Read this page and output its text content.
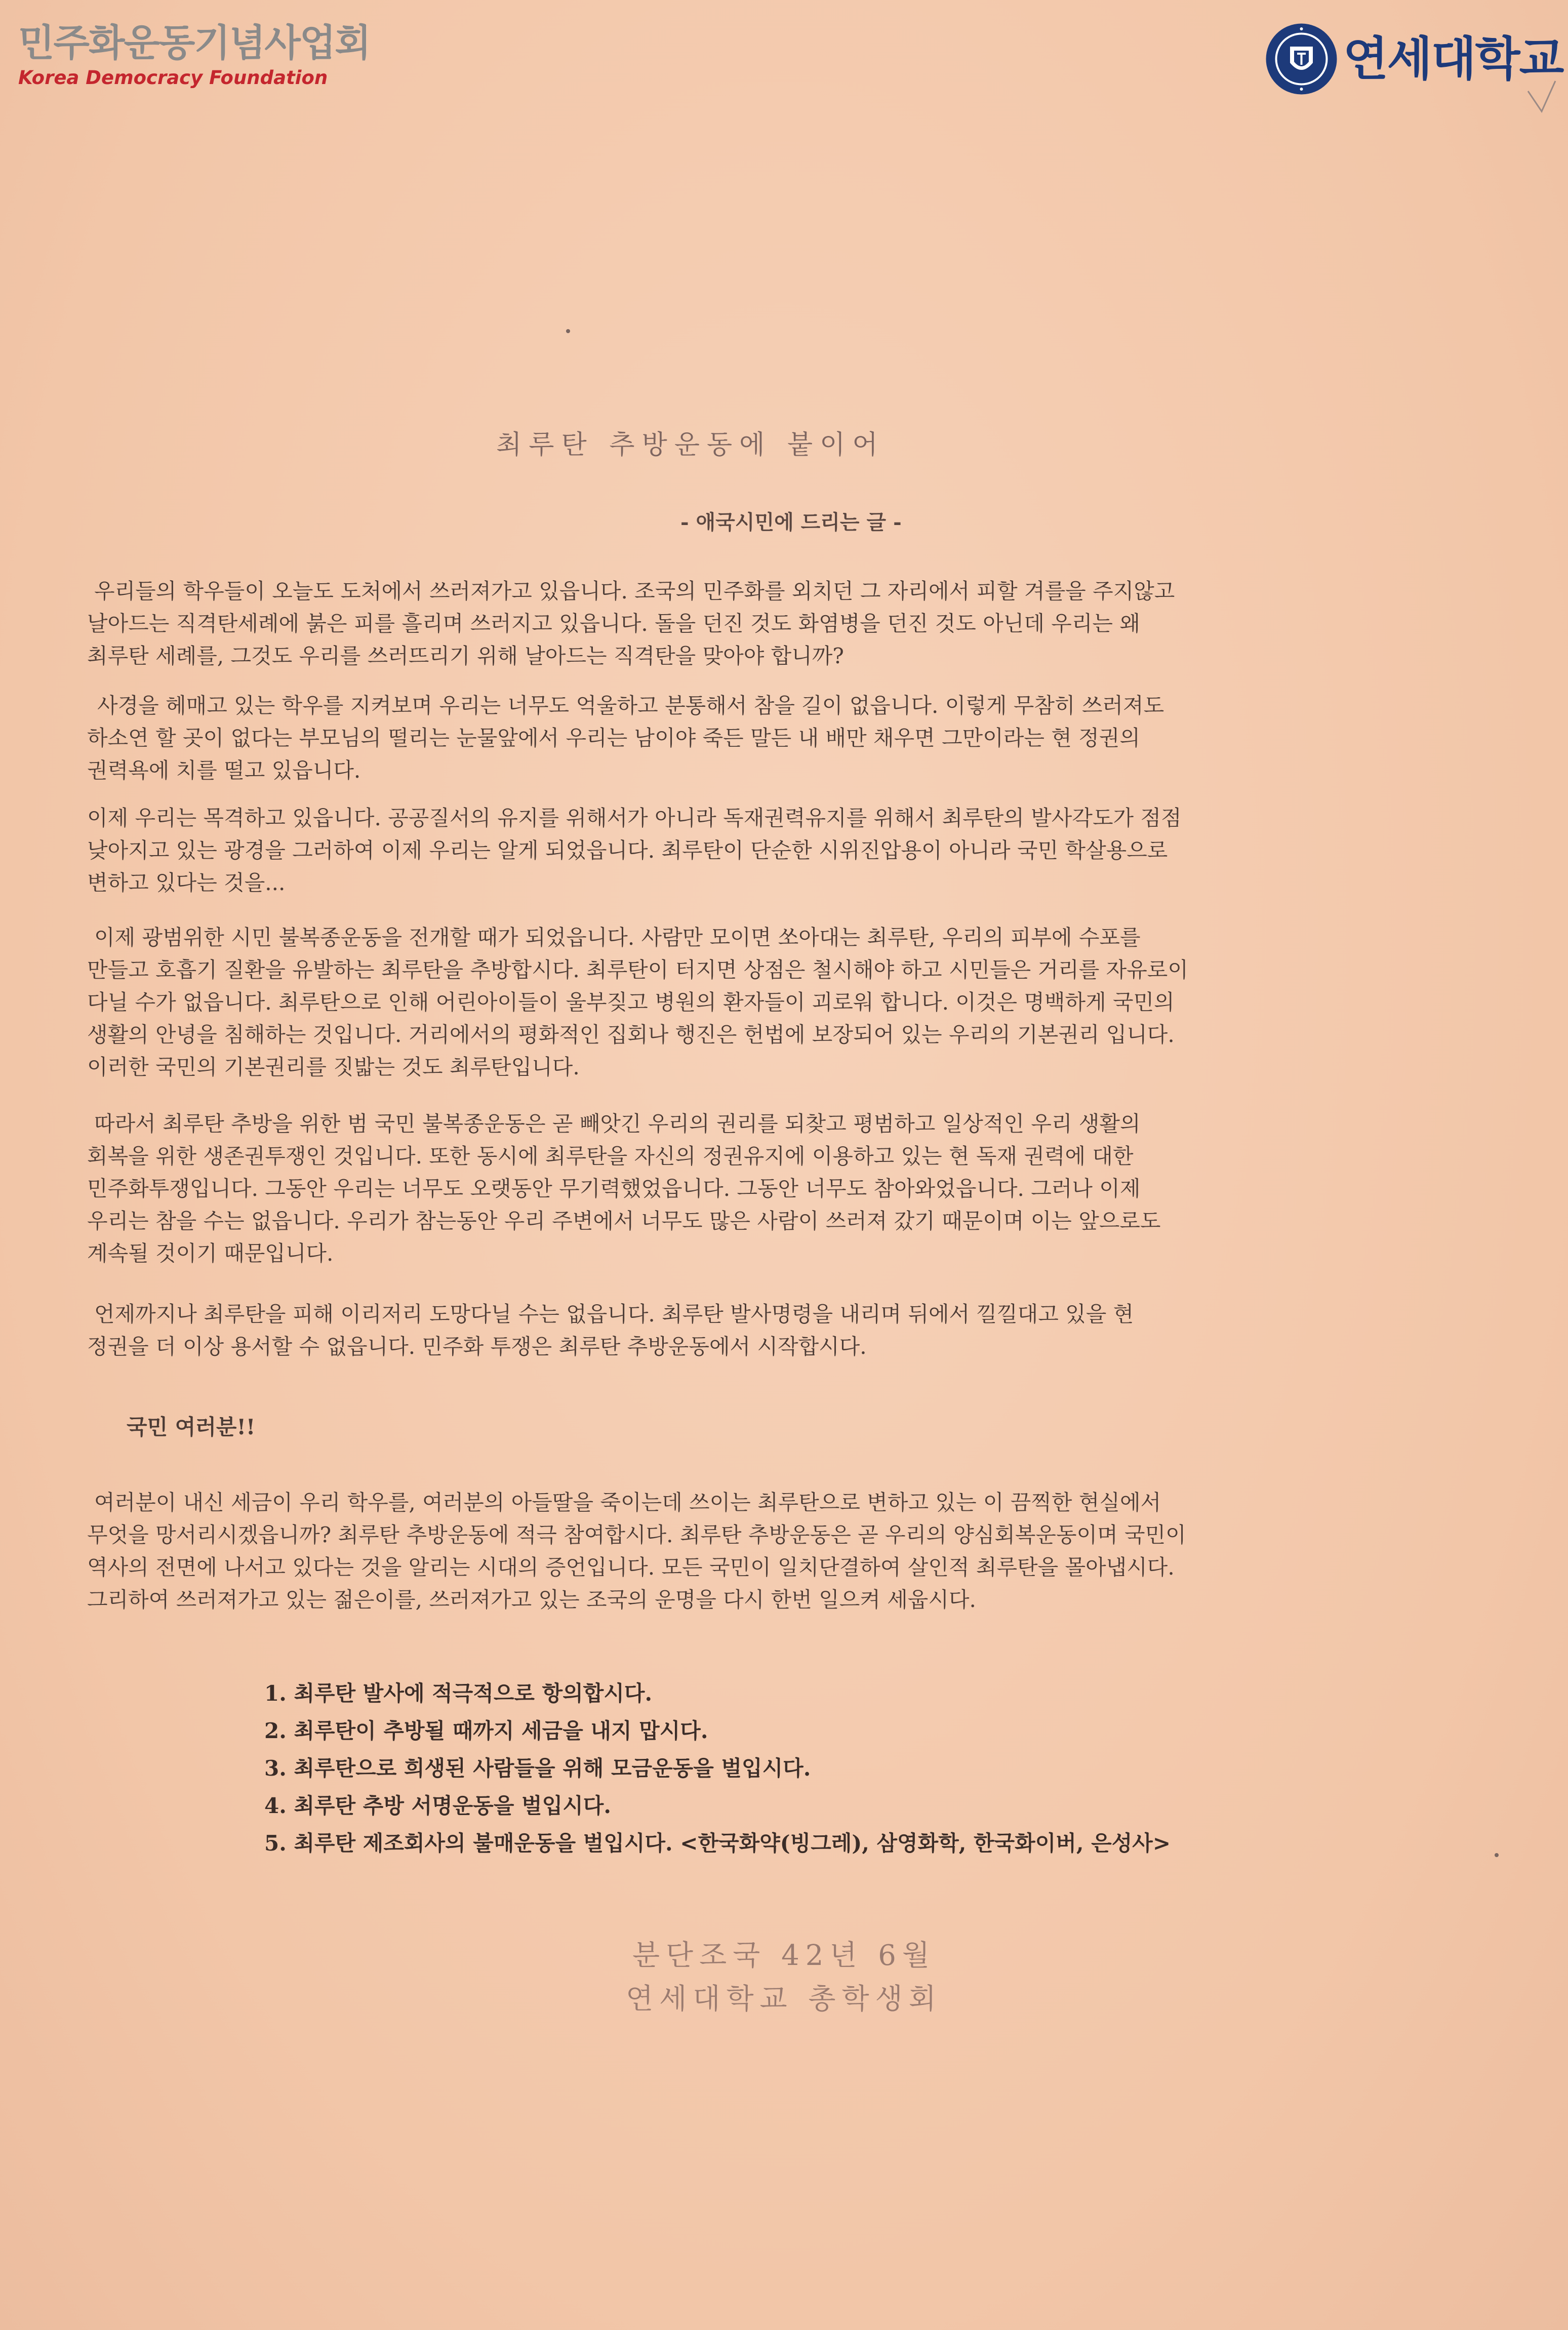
민주화운동기념사업회
Korea Democracy Foundation	연세대학교
최루탄 추방운동에 붙이어
- 애국시민에 드리는 글 -

우리들의 학우들이 오늘도 도처에서 쓰러져가고 있읍니다. 조국의 민주화를 외치던 그 자리에서 피할 겨를을 주지않고

날아드는 직격탄세례에 붉은 피를 흘리며 쓰러지고 있읍니다. 돌을 던진 것도 화염병을 던진 것도 아닌데 우리는 왜

최루탄 세례를, 그것도 우리를 쓰러뜨리기 위해 날아드는 직격탄을 맞아야 합니까?

사경을 헤매고 있는 학우를 지켜보며 우리는 너무도 억울하고 분통해서 참을 길이 없읍니다. 이렇게 무참히 쓰러져도

하소연 할 곳이 없다는 부모님의 떨리는 눈물앞에서 우리는 남이야 죽든 말든 내 배만 채우면 그만이라는 현 정권의

권력욕에 치를 떨고 있읍니다.

이제 우리는 목격하고 있읍니다. 공공질서의 유지를 위해서가 아니라 독재권력유지를 위해서 최루탄의 발사각도가 점점

낮아지고 있는 광경을 그러하여 이제 우리는 알게 되었읍니다. 최루탄이 단순한 시위진압용이 아니라 국민 학살용으로

변하고 있다는 것을...

이제 광범위한 시민 불복종운동을 전개할 때가 되었읍니다. 사람만 모이면 쏘아대는 최루탄, 우리의 피부에 수포를

만들고 호흡기 질환을 유발하는 최루탄을 추방합시다. 최루탄이 터지면 상점은 철시해야 하고 시민들은 거리를 자유로이

다닐 수가 없읍니다. 최루탄으로 인해 어린아이들이 울부짖고 병원의 환자들이 괴로워 합니다. 이것은 명백하게 국민의

생활의 안녕을 침해하는 것입니다. 거리에서의 평화적인 집회나 행진은 헌법에 보장되어 있는 우리의 기본권리 입니다.

이러한 국민의 기본권리를 짓밟는 것도 최루탄입니다.

따라서 최루탄 추방을 위한 범 국민 불복종운동은 곧 빼앗긴 우리의 권리를 되찾고 평범하고 일상적인 우리 생활의

회복을 위한 생존권투쟁인 것입니다. 또한 동시에 최루탄을 자신의 정권유지에 이용하고 있는 현 독재 권력에 대한

민주화투쟁입니다. 그동안 우리는 너무도 오랫동안 무기력했었읍니다. 그동안 너무도 참아와었읍니다. 그러나 이제

우리는 참을 수는 없읍니다. 우리가 참는동안 우리 주변에서 너무도 많은 사람이 쓰러져 갔기 때문이며 이는 앞으로도

계속될 것이기 때문입니다.

언제까지나 최루탄을 피해 이리저리 도망다닐 수는 없읍니다. 최루탄 발사명령을 내리며 뒤에서 낄낄대고 있을 현

정권을 더 이상 용서할 수 없읍니다. 민주화 투쟁은 최루탄 추방운동에서 시작합시다.

국민 여러분!!

여러분이 내신 세금이 우리 학우를, 여러분의 아들딸을 죽이는데 쓰이는 최루탄으로 변하고 있는 이 끔찍한 현실에서

무엇을 망서리시겠읍니까? 최루탄 추방운동에 적극 참여합시다. 최루탄 추방운동은 곧 우리의 양심회복운동이며 국민이

역사의 전면에 나서고 있다는 것을 알리는 시대의 증언입니다. 모든 국민이 일치단결하여 살인적 최루탄을 몰아냅시다.

그리하여 쓰러져가고 있는 젊은이를, 쓰러져가고 있는 조국의 운명을 다시 한번 일으켜 세웁시다.

1. 최루탄 발사에 적극적으로 항의합시다.
2. 최루탄이 추방될 때까지 세금을 내지 맙시다.
3. 최루탄으로 희생된 사람들을 위해 모금운동을 벌입시다.
4. 최루탄 추방 서명운동을 벌입시다.
5. 최루탄 제조회사의 불매운동을 벌입시다. <한국화약(빙그레), 삼영화학, 한국화이버, 은성사>
분단조국 42년 6월
연세대학교 총학생회
